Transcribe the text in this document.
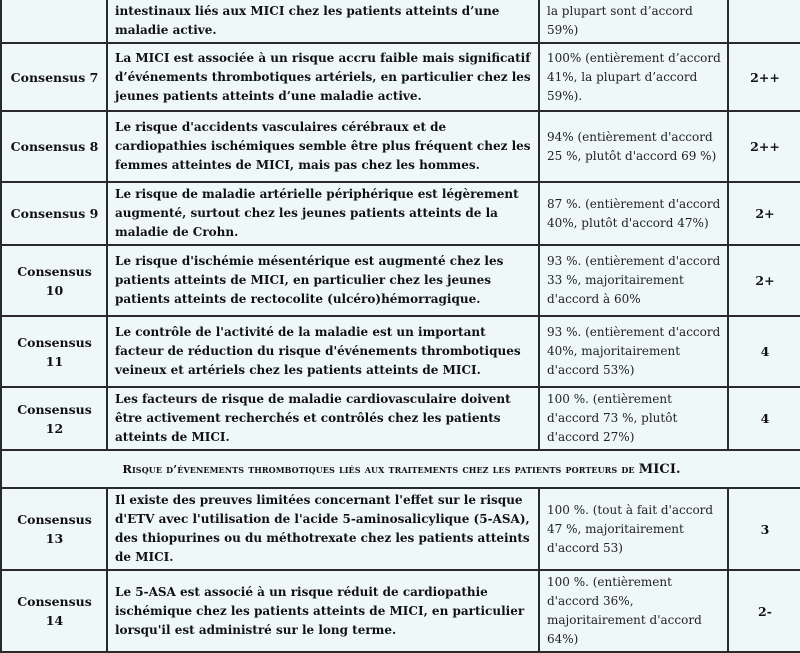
	intestinaux liés aux MICI chez les patients atteints d’une maladie active.	la plupart sont d’accord 59%)	
Consensus 7	La MICI est associée à un risque accru faible mais significatif d’événements thrombotiques artériels, en particulier chez les jeunes patients atteints d’une maladie active.	100% (entièrement d’accord 41%, la plupart d’accord 59%).	2++
Consensus 8	Le risque d'accidents vasculaires cérébraux et de cardiopathies ischémiques semble être plus fréquent chez les femmes atteintes de MICI, mais pas chez les hommes.	94% (entièrement d'accord 25 %, plutôt d'accord 69 %)	2++
Consensus 9	Le risque de maladie artérielle périphérique est légèrement augmenté, surtout chez les jeunes patients atteints de la maladie de Crohn.	87 %. (entièrement d'accord 40%, plutôt d'accord 47%)	2+
Consensus 10	Le risque d'ischémie mésentérique est augmenté chez les patients atteints de MICI, en particulier chez les jeunes patients atteints de rectocolite (ulcéro)hémorragique.	93 %. (entièrement d'accord 33 %, majoritairement d'accord à 60%	2+
Consensus 11	Le contrôle de l'activité de la maladie est un important facteur de réduction du risque d'événements thrombotiques veineux et artériels chez les patients atteints de MICI.	93 %. (entièrement d'accord 40%, majoritairement d'accord 53%)	4
Consensus 12	Les facteurs de risque de maladie cardiovasculaire doivent être activement recherchés et contrôlés chez les patients atteints de MICI.	100 %. (entièrement d'accord 73 %, plutôt d'accord 27%)	4
Risque d’évenements thrombotiques liés aux traitements chez les patients porteurs de MICI.			
Consensus 13	Il existe des preuves limitées concernant l'effet sur le risque d'ETV avec l'utilisation de l'acide 5-aminosalicylique (5-ASA), des thiopurines ou du méthotrexate chez les patients atteints de MICI.	100 %. (tout à fait d'accord 47 %, majoritairement d'accord 53)	3
Consensus 14	Le 5-ASA est associé à un risque réduit de cardiopathie ischémique chez les patients atteints de MICI, en particulier lorsqu'il est administré sur le long terme.	100 %. (entièrement d'accord 36%, majoritairement d'accord 64%)	2-
